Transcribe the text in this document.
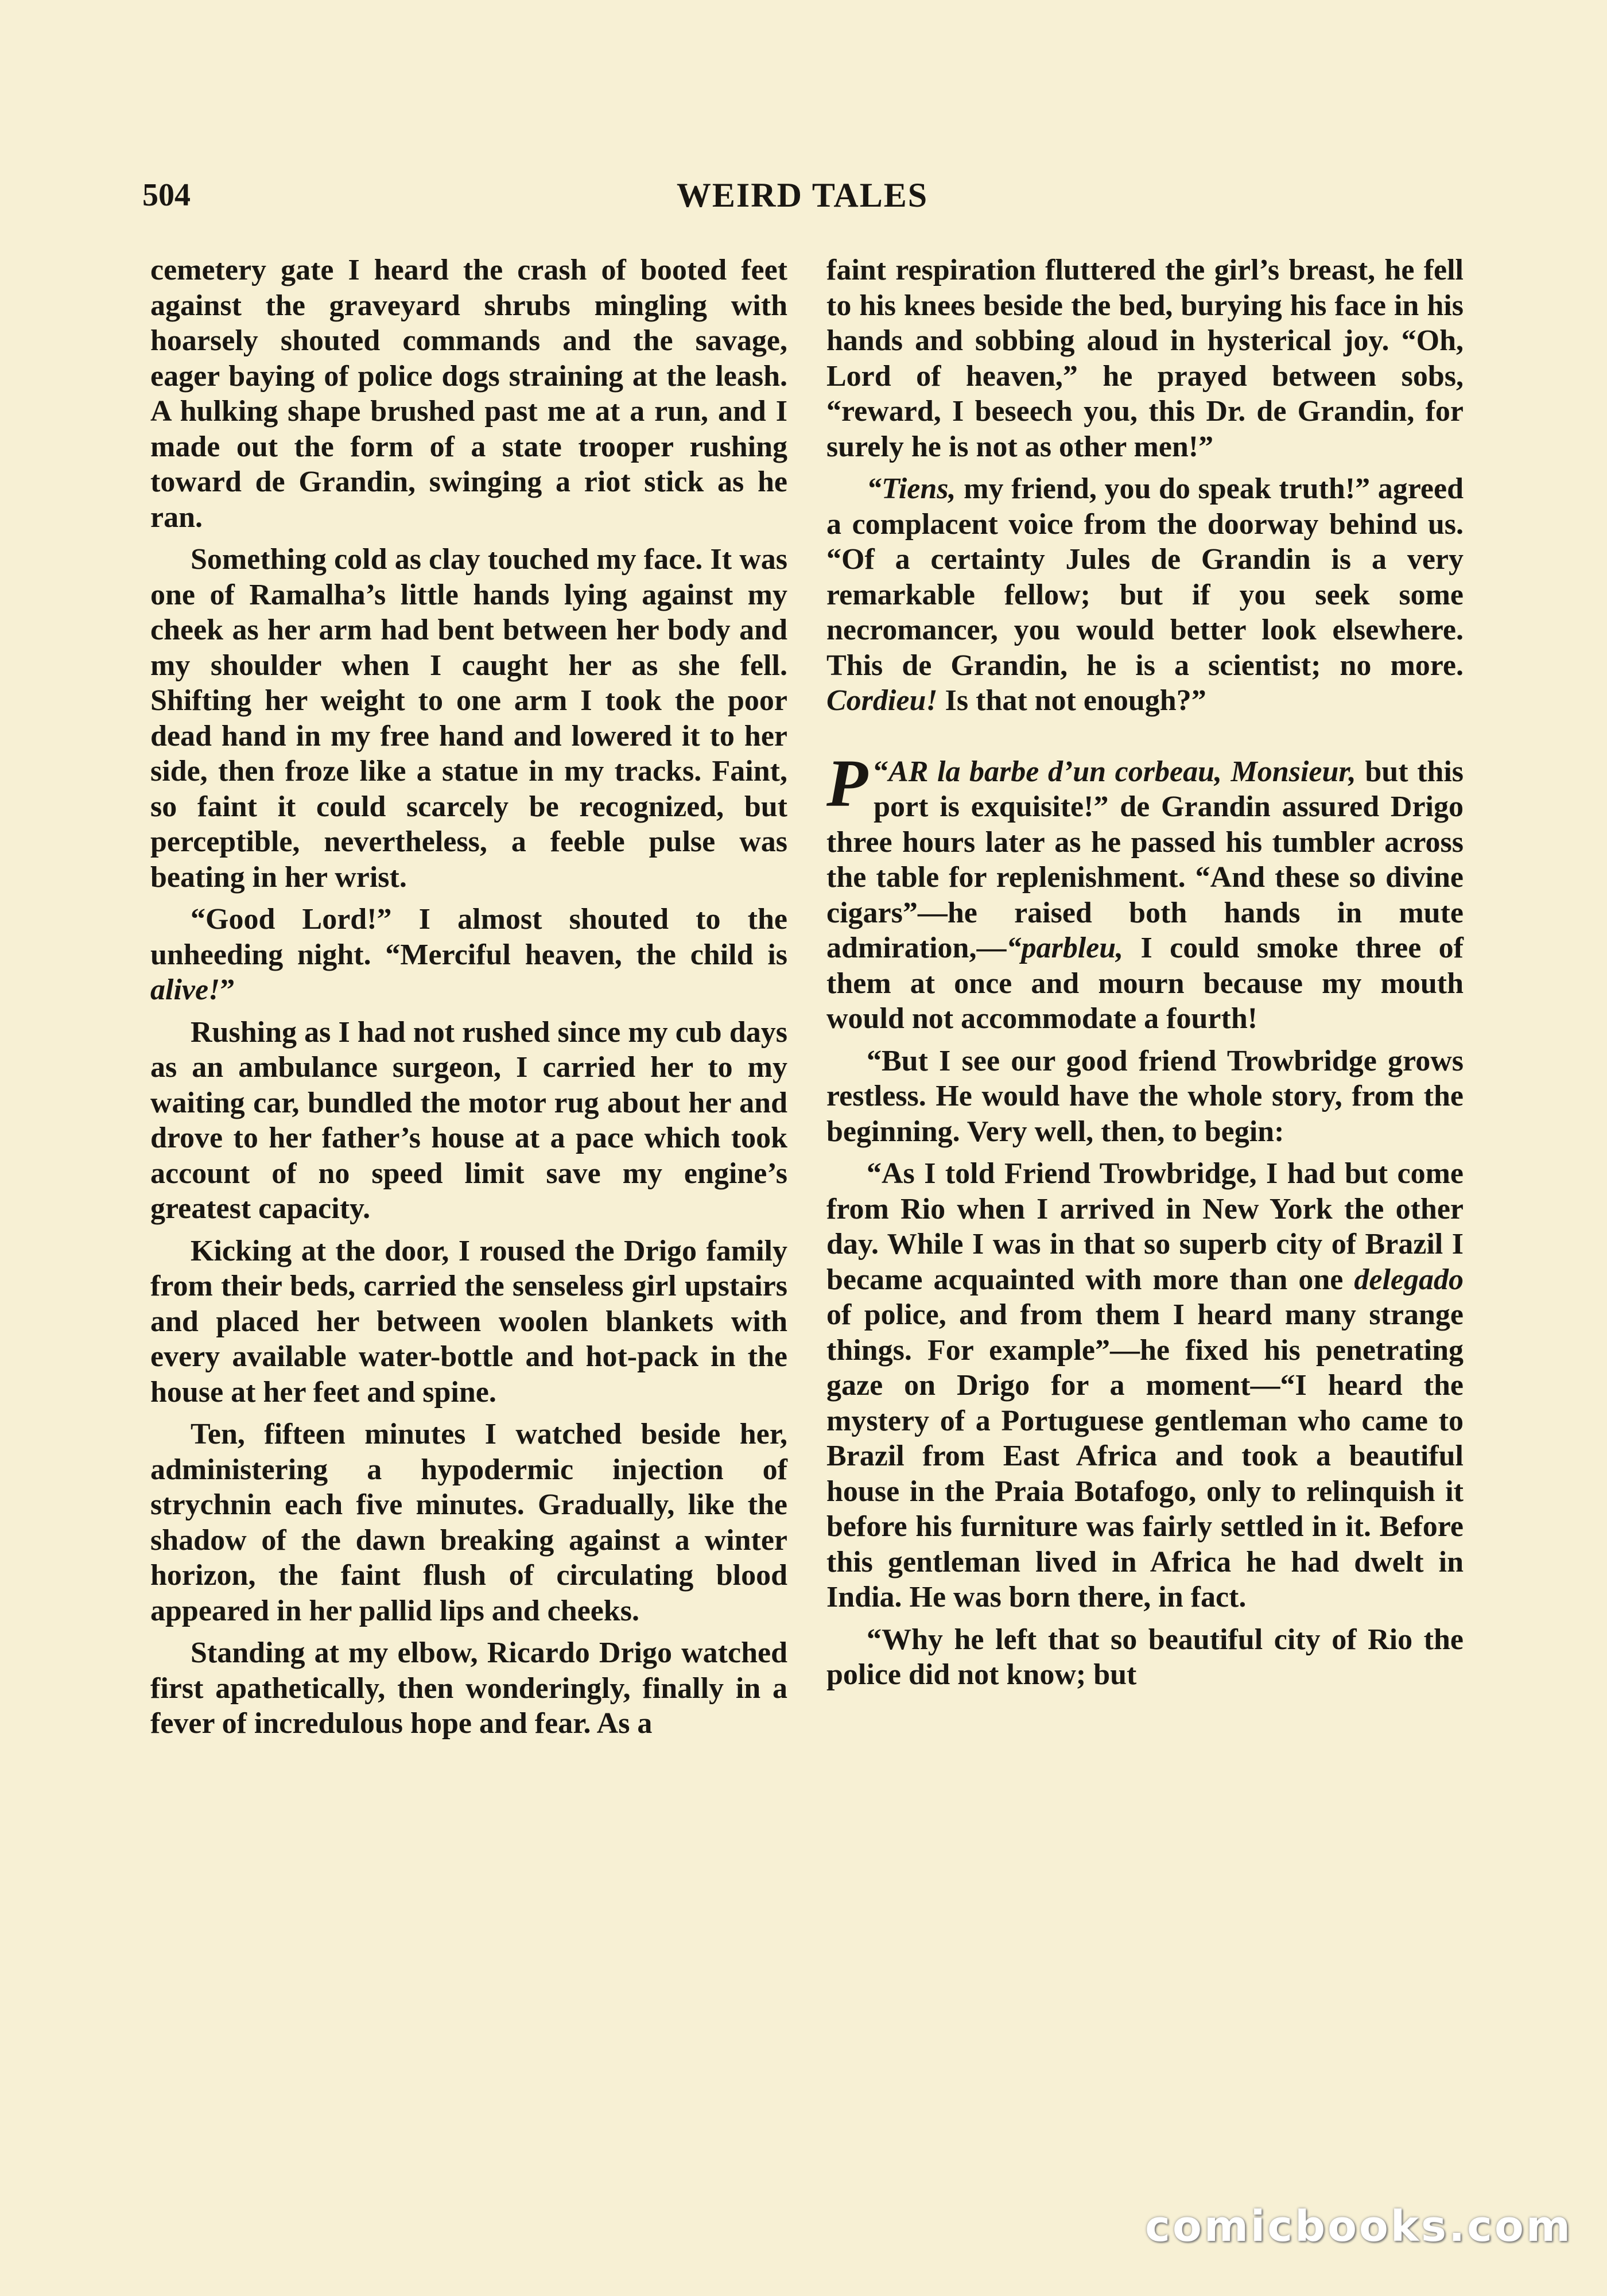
504	WEIRD TALES

cemetery gate I heard the crash of booted feet against the graveyard shrubs mingling with hoarsely shouted commands and the savage, eager baying of police dogs straining at the leash. A hulking shape brushed past me at a run, and I made out the form of a state trooper rushing toward de Grandin, swinging a riot stick as he ran.

Something cold as clay touched my face. It was one of Ramalha’s little hands lying against my cheek as her arm had bent between her body and my shoulder when I caught her as she fell. Shifting her weight to one arm I took the poor dead hand in my free hand and lowered it to her side, then froze like a statue in my tracks. Faint, so faint it could scarcely be recognized, but perceptible, nevertheless, a feeble pulse was beating in her wrist.

“Good Lord!” I almost shouted to the unheeding night. “Merciful heaven, the child is alive!”

Rushing as I had not rushed since my cub days as an ambulance surgeon, I carried her to my waiting car, bundled the motor rug about her and drove to her father’s house at a pace which took account of no speed limit save my engine’s greatest capacity.

Kicking at the door, I roused the Drigo family from their beds, carried the senseless girl upstairs and placed her between woolen blankets with every available water-bottle and hot-pack in the house at her feet and spine.

Ten, fifteen minutes I watched beside her, administering a hypodermic injection of strychnin each five minutes. Gradually, like the shadow of the dawn breaking against a winter horizon, the faint flush of circulating blood appeared in her pallid lips and cheeks.

Standing at my elbow, Ricardo Drigo watched first apathetically, then wonderingly, finally in a fever of incredulous hope and fear. As a

faint respiration fluttered the girl’s breast, he fell to his knees beside the bed, burying his face in his hands and sobbing aloud in hysterical joy. “Oh, Lord of heaven,” he prayed between sobs, “reward, I beseech you, this Dr. de Grandin, for surely he is not as other men!”

“Tiens, my friend, you do speak truth!” agreed a complacent voice from the doorway behind us. “Of a certainty Jules de Grandin is a very remarkable fellow; but if you seek some necromancer, you would better look elsewhere. This de Grandin, he is a scientist; no more. Cordieu! Is that not enough?”

“
P AR la barbe d’un corbeau, Monsieur, but this port is exquisite!” de Grandin assured Drigo three hours later as he passed his tumbler across the table for replenishment. “And these so divine cigars”—he raised both hands in mute admiration,—“parbleu, I could smoke three of them at once and mourn because my mouth would not accommodate a fourth!

“But I see our good friend Trowbridge grows restless. He would have the whole story, from the beginning. Very well, then, to begin:

“As I told Friend Trowbridge, I had but come from Rio when I arrived in New York the other day. While I was in that so superb city of Brazil I became acquainted with more than one delegado of police, and from them I heard many strange things. For example”—he fixed his penetrating gaze on Drigo for a moment—“I heard the mystery of a Portuguese gentleman who came to Brazil from East Africa and took a beautiful house in the Praia Botafogo, only to relinquish it before his furniture was fairly settled in it. Before this gentleman lived in Africa he had dwelt in India. He was born there, in fact.

“Why he left that so beautiful city of Rio the police did not know; but

comicbooks.com
